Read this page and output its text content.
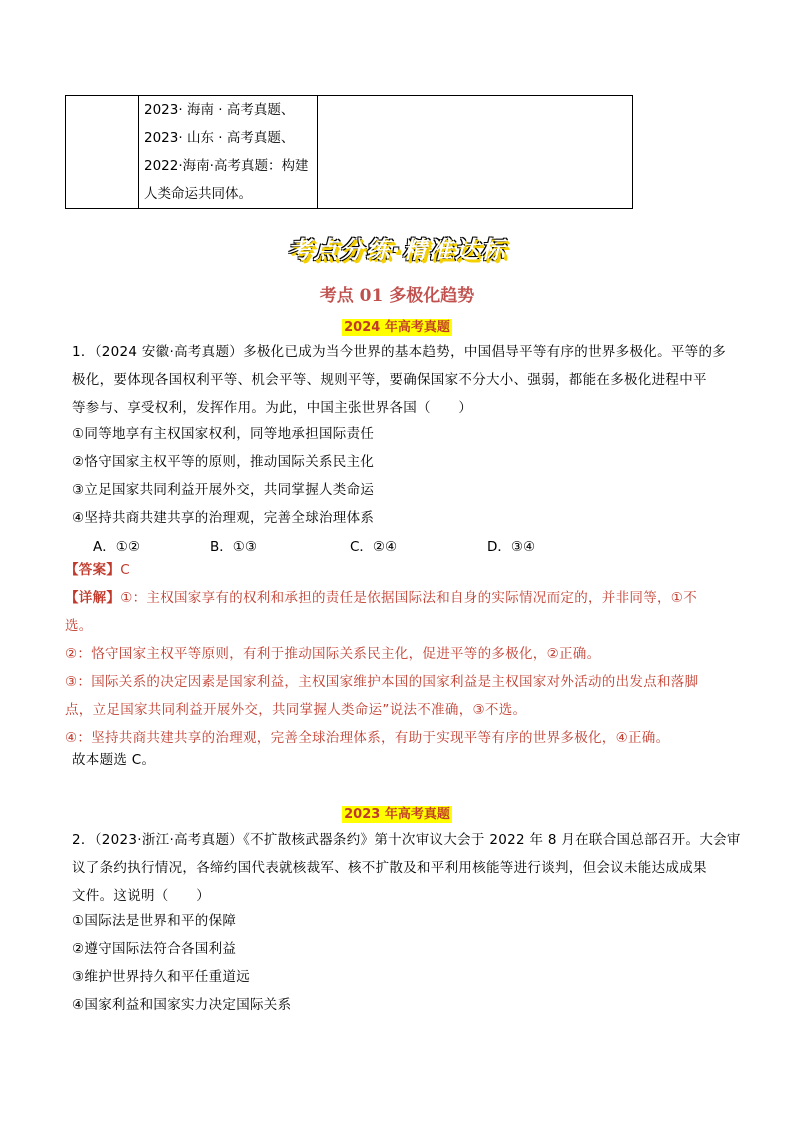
2023· 海南 · 高考真题、
2023· 山东 · 高考真题、
2022·海南·高考真题：构建
人类命运共同体。

考点分练·精准达标
考点 01 多极化趋势
2024 年高考真题
1．（2024 安徽·高考真题）多极化已成为当今世界的基本趋势，中国倡导平等有序的世界多极化。平等的多
极化，要体现各国权利平等、机会平等、规则平等，要确保国家不分大小、强弱，都能在多极化进程中平
等参与、享受权利，发挥作用。为此，中国主张世界各国（　　）
①同等地享有主权国家权利，同等地承担国际责任
②恪守国家主权平等的原则，推动国际关系民主化
③立足国家共同利益开展外交，共同掌握人类命运
④坚持共商共建共享的治理观，完善全球治理体系
A．①②	B．①③	C．②④	D．③④
【答案】C
【详解】①：主权国家享有的权利和承担的责任是依据国际法和自身的实际情况而定的，并非同等，①不
选。
②：恪守国家主权平等原则，有利于推动国际关系民主化，促进平等的多极化，②正确。
③：国际关系的决定因素是国家利益，主权国家维护本国的国家利益是主权国家对外活动的出发点和落脚
点，立足国家共同利益开展外交，共同掌握人类命运”说法不准确，③不选。
④：坚持共商共建共享的治理观，完善全球治理体系，有助于实现平等有序的世界多极化，④正确。
故本题选 C。
2023 年高考真题
2．（2023·浙江·高考真题）《不扩散核武器条约》第十次审议大会于 2022 年 8 月在联合国总部召开。大会审
议了条约执行情况，各缔约国代表就核裁军、核不扩散及和平利用核能等进行谈判，但会议未能达成成果
文件。这说明（　　）
①国际法是世界和平的保障
②遵守国际法符合各国利益
③维护世界持久和平任重道远
④国家利益和国家实力决定国际关系
